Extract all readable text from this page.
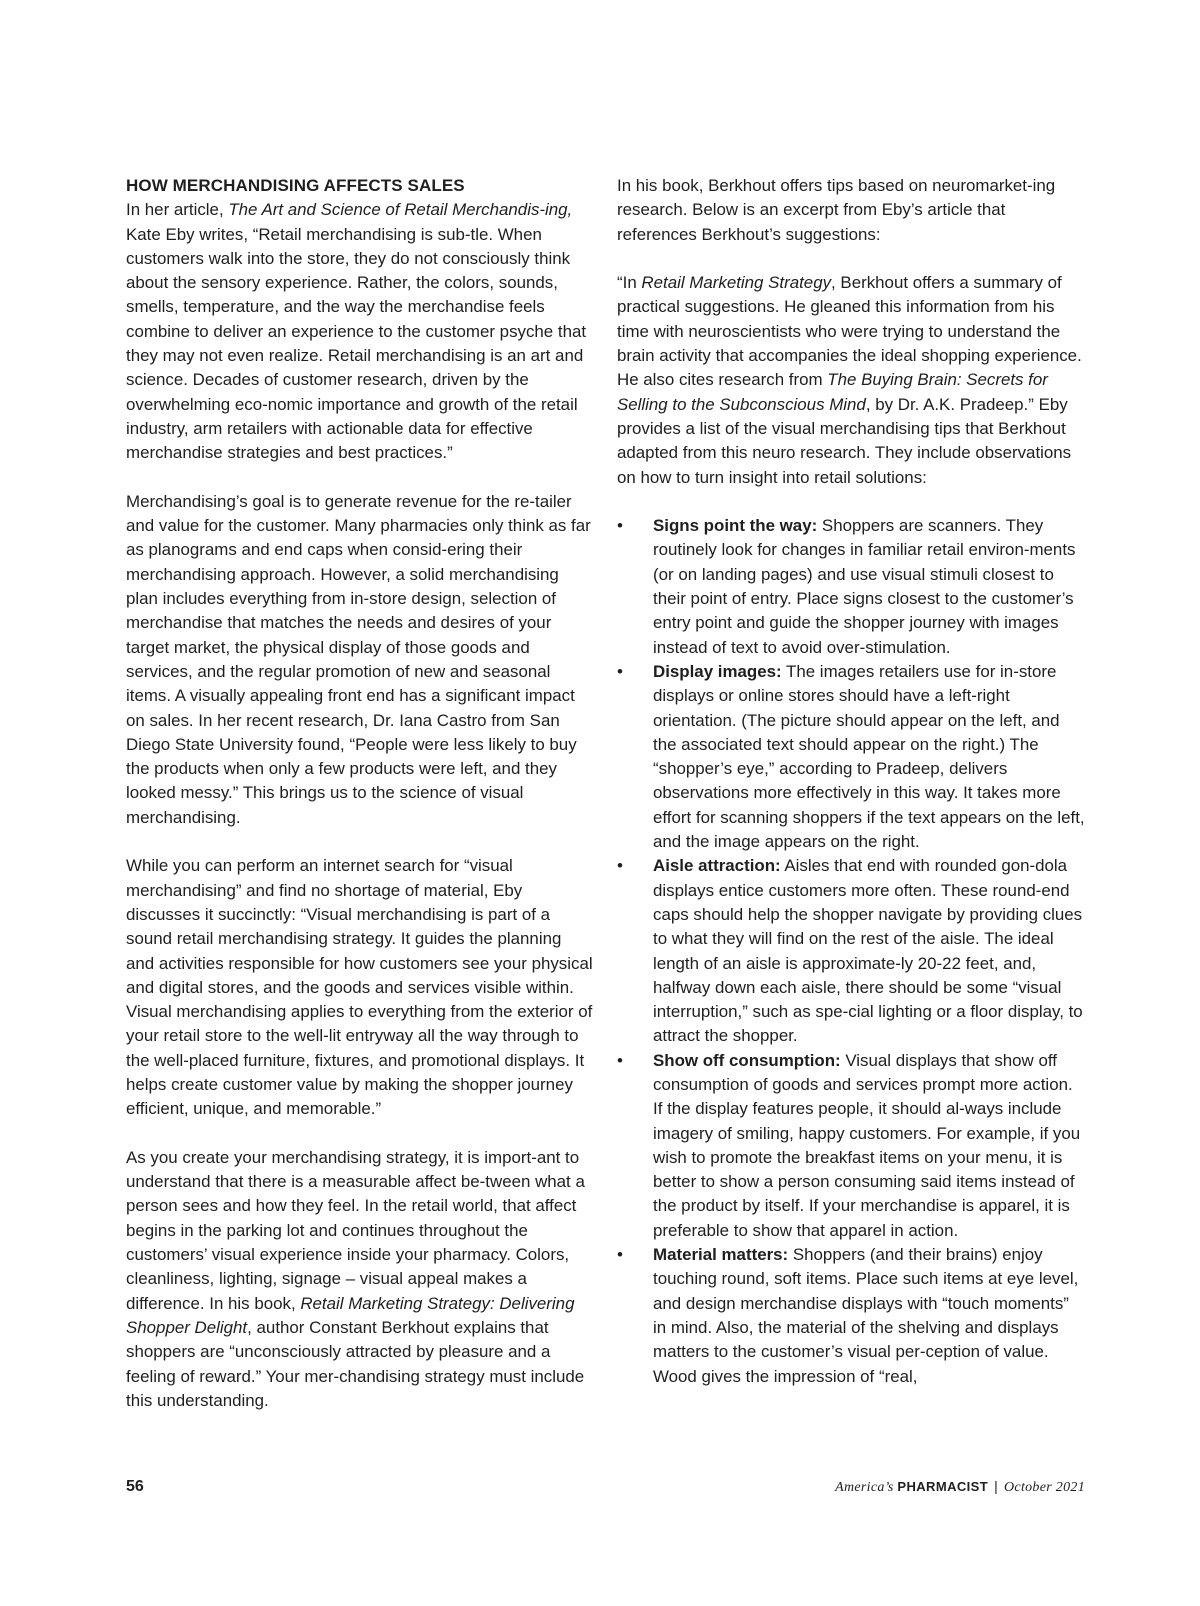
HOW MERCHANDISING AFFECTS SALES

In her article, The Art and Science of Retail Merchandis-ing, Kate Eby writes, “Retail merchandising is sub-tle. When customers walk into the store, they do not consciously think about the sensory experience. Rather, the colors, sounds, smells, temperature, and the way the merchandise feels combine to deliver an experience to the customer psyche that they may not even realize. Retail merchandising is an art and science. Decades of customer research, driven by the overwhelming eco-nomic importance and growth of the retail industry, arm retailers with actionable data for effective merchandise strategies and best practices.”

Merchandising’s goal is to generate revenue for the re-tailer and value for the customer. Many pharmacies only think as far as planograms and end caps when consid-ering their merchandising approach. However, a solid merchandising plan includes everything from in-store design, selection of merchandise that matches the needs and desires of your target market, the physical display of those goods and services, and the regular promotion of new and seasonal items. A visually appealing front end has a significant impact on sales. In her recent research, Dr. Iana Castro from San Diego State University found, “People were less likely to buy the products when only a few products were left, and they looked messy.” This brings us to the science of visual merchandising.

While you can perform an internet search for “visual merchandising” and find no shortage of material, Eby discusses it succinctly: “Visual merchandising is part of a sound retail merchandising strategy. It guides the planning and activities responsible for how customers see your physical and digital stores, and the goods and services visible within. Visual merchandising applies to everything from the exterior of your retail store to the well-lit entryway all the way through to the well-placed furniture, fixtures, and promotional displays. It helps create customer value by making the shopper journey efficient, unique, and memorable.”

As you create your merchandising strategy, it is import-ant to understand that there is a measurable affect be-tween what a person sees and how they feel. In the retail world, that affect begins in the parking lot and continues throughout the customers’ visual experience inside your pharmacy. Colors, cleanliness, lighting, signage – visual appeal makes a difference. In his book, Retail Marketing Strategy: Delivering Shopper Delight, author Constant Berkhout explains that shoppers are “unconsciously attracted by pleasure and a feeling of reward.” Your mer-chandising strategy must include this understanding.

In his book, Berkhout offers tips based on neuromarket-ing research. Below is an excerpt from Eby’s article that references Berkhout’s suggestions:

“In Retail Marketing Strategy, Berkhout offers a summary of practical suggestions. He gleaned this information from his time with neuroscientists who were trying to understand the brain activity that accompanies the ideal shopping experience. He also cites research from The Buying Brain: Secrets for Selling to the Subconscious Mind, by Dr. A.K. Pradeep.” Eby provides a list of the visual merchandising tips that Berkhout adapted from this neuro research. They include observations on how to turn insight into retail solutions:

• Signs point the way: Shoppers are scanners. They routinely look for changes in familiar retail environ-ments (or on landing pages) and use visual stimuli closest to their point of entry. Place signs closest to the customer’s entry point and guide the shopper journey with images instead of text to avoid over-stimulation.
• Display images: The images retailers use for in-store displays or online stores should have a left-right orientation. (The picture should appear on the left, and the associated text should appear on the right.) The “shopper’s eye,” according to Pradeep, delivers observations more effectively in this way. It takes more effort for scanning shoppers if the text appears on the left, and the image appears on the right.
• Aisle attraction: Aisles that end with rounded gon-dola displays entice customers more often. These round-end caps should help the shopper navigate by providing clues to what they will find on the rest of the aisle. The ideal length of an aisle is approximate-ly 20-22 feet, and, halfway down each aisle, there should be some “visual interruption,” such as spe-cial lighting or a floor display, to attract the shopper.
• Show off consumption: Visual displays that show off consumption of goods and services prompt more action. If the display features people, it should al-ways include imagery of smiling, happy customers. For example, if you wish to promote the breakfast items on your menu, it is better to show a person consuming said items instead of the product by itself. If your merchandise is apparel, it is preferable to show that apparel in action.
• Material matters: Shoppers (and their brains) enjoy touching round, soft items. Place such items at eye level, and design merchandise displays with “touch moments” in mind. Also, the material of the shelving and displays matters to the customer’s visual per-ception of value. Wood gives the impression of “real,
56	America’s PHARMACIST | October 2021
